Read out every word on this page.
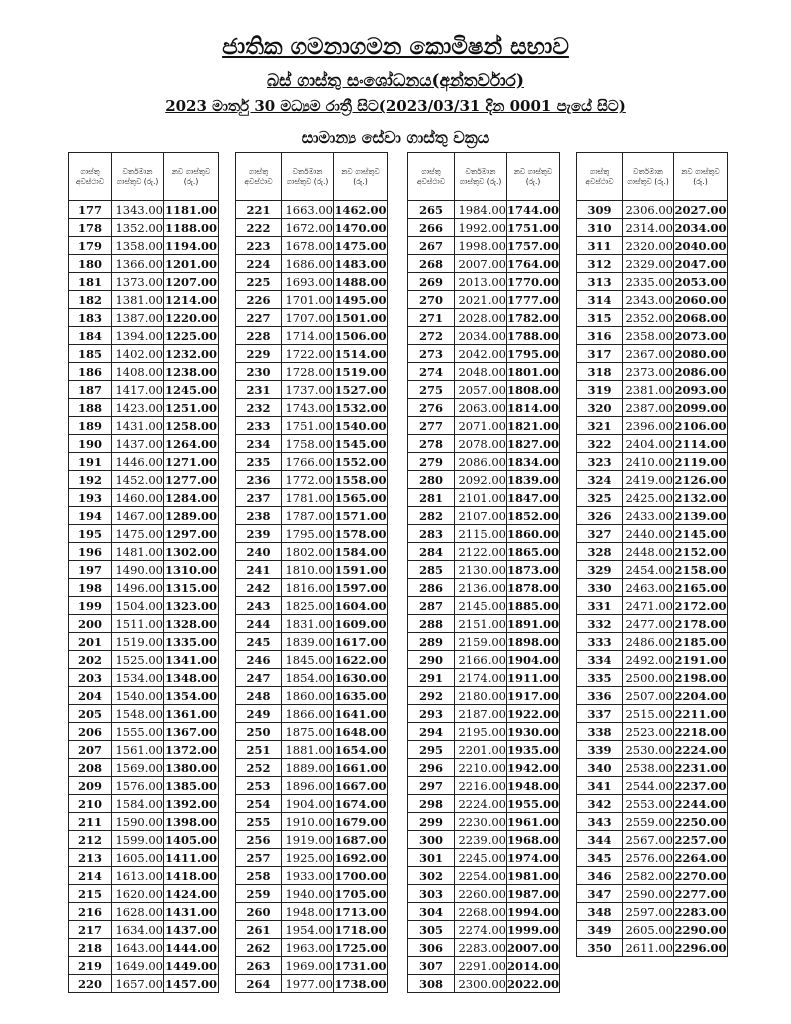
ජාතික ගමනාගමන කොමිෂන් සභාව
බස් ගාස්තු සංශෝධනය(අන්තර්වාර)
2023 මාර්තු 30 මධ්‍යම රාත්‍රී සිට(2023/03/31 දින 0001 පැයේ සිට)
සාමාන්‍ය සේවා ගාස්තු වක්‍රය
ගාස්තු අවස්ථාව	වර්තමාන ගාස්තුව (රු.)	නව ගාස්තුව (රු.)
177	1343.00	1181.00
178	1352.00	1188.00
179	1358.00	1194.00
180	1366.00	1201.00
181	1373.00	1207.00
182	1381.00	1214.00
183	1387.00	1220.00
184	1394.00	1225.00
185	1402.00	1232.00
186	1408.00	1238.00
187	1417.00	1245.00
188	1423.00	1251.00
189	1431.00	1258.00
190	1437.00	1264.00
191	1446.00	1271.00
192	1452.00	1277.00
193	1460.00	1284.00
194	1467.00	1289.00
195	1475.00	1297.00
196	1481.00	1302.00
197	1490.00	1310.00
198	1496.00	1315.00
199	1504.00	1323.00
200	1511.00	1328.00
201	1519.00	1335.00
202	1525.00	1341.00
203	1534.00	1348.00
204	1540.00	1354.00
205	1548.00	1361.00
206	1555.00	1367.00
207	1561.00	1372.00
208	1569.00	1380.00
209	1576.00	1385.00
210	1584.00	1392.00
211	1590.00	1398.00
212	1599.00	1405.00
213	1605.00	1411.00
214	1613.00	1418.00
215	1620.00	1424.00
216	1628.00	1431.00
217	1634.00	1437.00
218	1643.00	1444.00
219	1649.00	1449.00
220	1657.00	1457.00
ගාස්තු අවස්ථාව	වර්තමාන ගාස්තුව (රු.)	නව ගාස්තුව (රු.)
221	1663.00	1462.00
222	1672.00	1470.00
223	1678.00	1475.00
224	1686.00	1483.00
225	1693.00	1488.00
226	1701.00	1495.00
227	1707.00	1501.00
228	1714.00	1506.00
229	1722.00	1514.00
230	1728.00	1519.00
231	1737.00	1527.00
232	1743.00	1532.00
233	1751.00	1540.00
234	1758.00	1545.00
235	1766.00	1552.00
236	1772.00	1558.00
237	1781.00	1565.00
238	1787.00	1571.00
239	1795.00	1578.00
240	1802.00	1584.00
241	1810.00	1591.00
242	1816.00	1597.00
243	1825.00	1604.00
244	1831.00	1609.00
245	1839.00	1617.00
246	1845.00	1622.00
247	1854.00	1630.00
248	1860.00	1635.00
249	1866.00	1641.00
250	1875.00	1648.00
251	1881.00	1654.00
252	1889.00	1661.00
253	1896.00	1667.00
254	1904.00	1674.00
255	1910.00	1679.00
256	1919.00	1687.00
257	1925.00	1692.00
258	1933.00	1700.00
259	1940.00	1705.00
260	1948.00	1713.00
261	1954.00	1718.00
262	1963.00	1725.00
263	1969.00	1731.00
264	1977.00	1738.00
ගාස්තු අවස්ථාව	වර්තමාන ගාස්තුව (රු.)	නව ගාස්තුව (රු.)
265	1984.00	1744.00
266	1992.00	1751.00
267	1998.00	1757.00
268	2007.00	1764.00
269	2013.00	1770.00
270	2021.00	1777.00
271	2028.00	1782.00
272	2034.00	1788.00
273	2042.00	1795.00
274	2048.00	1801.00
275	2057.00	1808.00
276	2063.00	1814.00
277	2071.00	1821.00
278	2078.00	1827.00
279	2086.00	1834.00
280	2092.00	1839.00
281	2101.00	1847.00
282	2107.00	1852.00
283	2115.00	1860.00
284	2122.00	1865.00
285	2130.00	1873.00
286	2136.00	1878.00
287	2145.00	1885.00
288	2151.00	1891.00
289	2159.00	1898.00
290	2166.00	1904.00
291	2174.00	1911.00
292	2180.00	1917.00
293	2187.00	1922.00
294	2195.00	1930.00
295	2201.00	1935.00
296	2210.00	1942.00
297	2216.00	1948.00
298	2224.00	1955.00
299	2230.00	1961.00
300	2239.00	1968.00
301	2245.00	1974.00
302	2254.00	1981.00
303	2260.00	1987.00
304	2268.00	1994.00
305	2274.00	1999.00
306	2283.00	2007.00
307	2291.00	2014.00
308	2300.00	2022.00
ගාස්තු අවස්ථාව	වර්තමාන ගාස්තුව (රු.)	නව ගාස්තුව (රු.)
309	2306.00	2027.00
310	2314.00	2034.00
311	2320.00	2040.00
312	2329.00	2047.00
313	2335.00	2053.00
314	2343.00	2060.00
315	2352.00	2068.00
316	2358.00	2073.00
317	2367.00	2080.00
318	2373.00	2086.00
319	2381.00	2093.00
320	2387.00	2099.00
321	2396.00	2106.00
322	2404.00	2114.00
323	2410.00	2119.00
324	2419.00	2126.00
325	2425.00	2132.00
326	2433.00	2139.00
327	2440.00	2145.00
328	2448.00	2152.00
329	2454.00	2158.00
330	2463.00	2165.00
331	2471.00	2172.00
332	2477.00	2178.00
333	2486.00	2185.00
334	2492.00	2191.00
335	2500.00	2198.00
336	2507.00	2204.00
337	2515.00	2211.00
338	2523.00	2218.00
339	2530.00	2224.00
340	2538.00	2231.00
341	2544.00	2237.00
342	2553.00	2244.00
343	2559.00	2250.00
344	2567.00	2257.00
345	2576.00	2264.00
346	2582.00	2270.00
347	2590.00	2277.00
348	2597.00	2283.00
349	2605.00	2290.00
350	2611.00	2296.00
